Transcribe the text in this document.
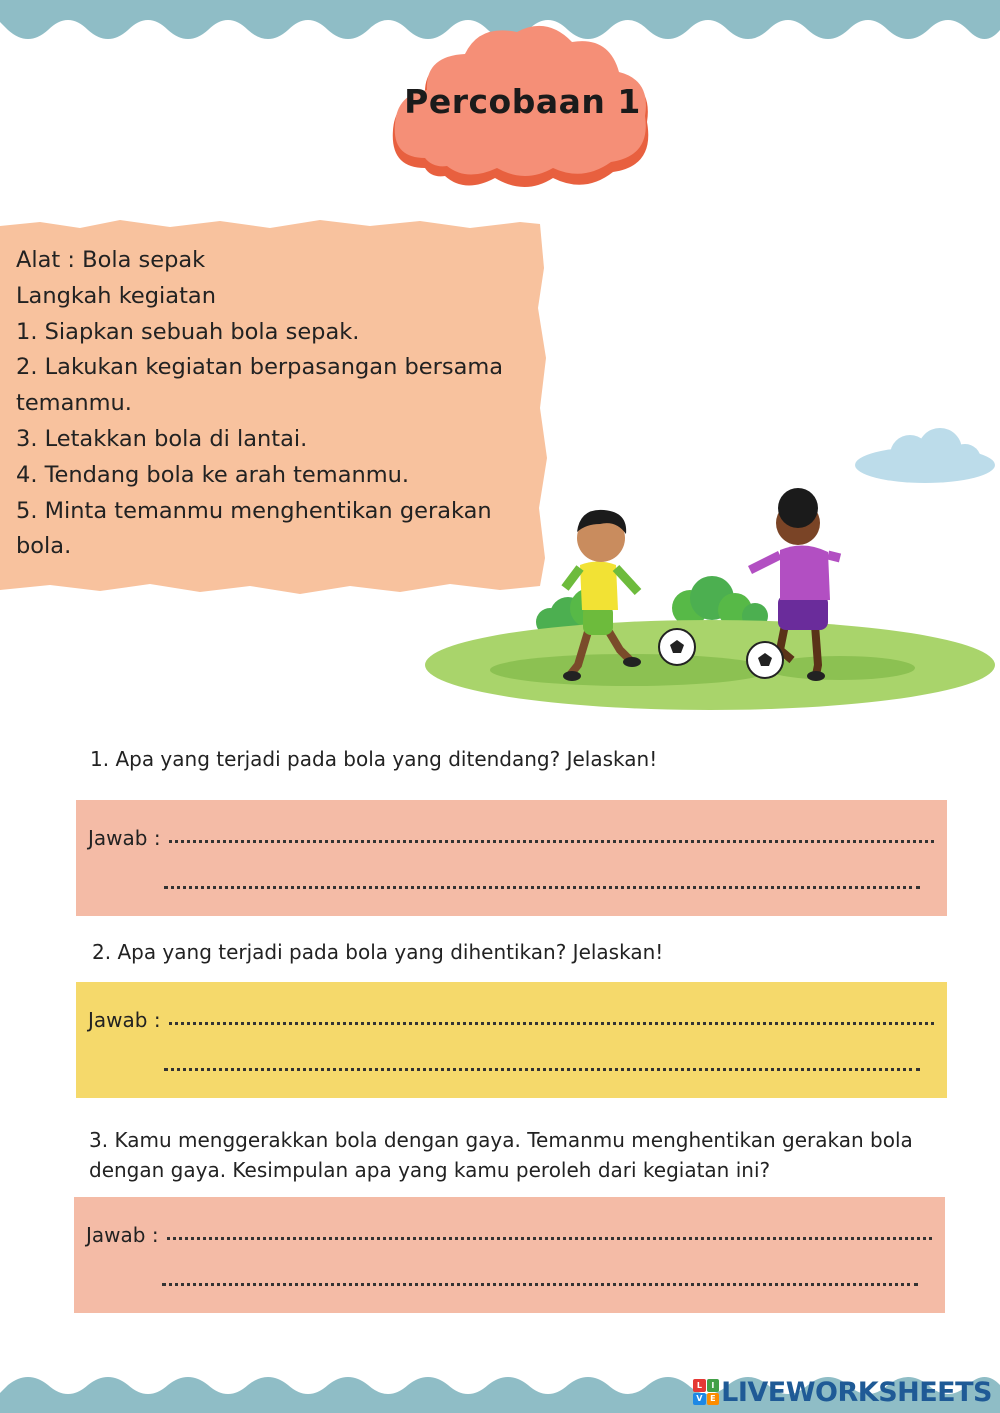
Percobaan 1
Alat : Bola sepak
Langkah kegiatan
1. Siapkan sebuah bola sepak.
2. Lakukan kegiatan berpasangan bersama temanmu.
3. Letakkan bola di lantai.
4. Tendang bola ke arah temanmu.
5. Minta temanmu menghentikan gerakan bola.
1. Apa yang terjadi pada bola yang ditendang? Jelaskan!
Jawab :
2. Apa yang terjadi pada bola yang dihentikan? Jelaskan!
Jawab :
3. Kamu menggerakkan bola dengan gaya. Temanmu menghentikan gerakan bola dengan gaya. Kesimpulan apa yang kamu peroleh dari kegiatan ini?
Jawab :
L	I
V E LIVEWORKSHEETS
